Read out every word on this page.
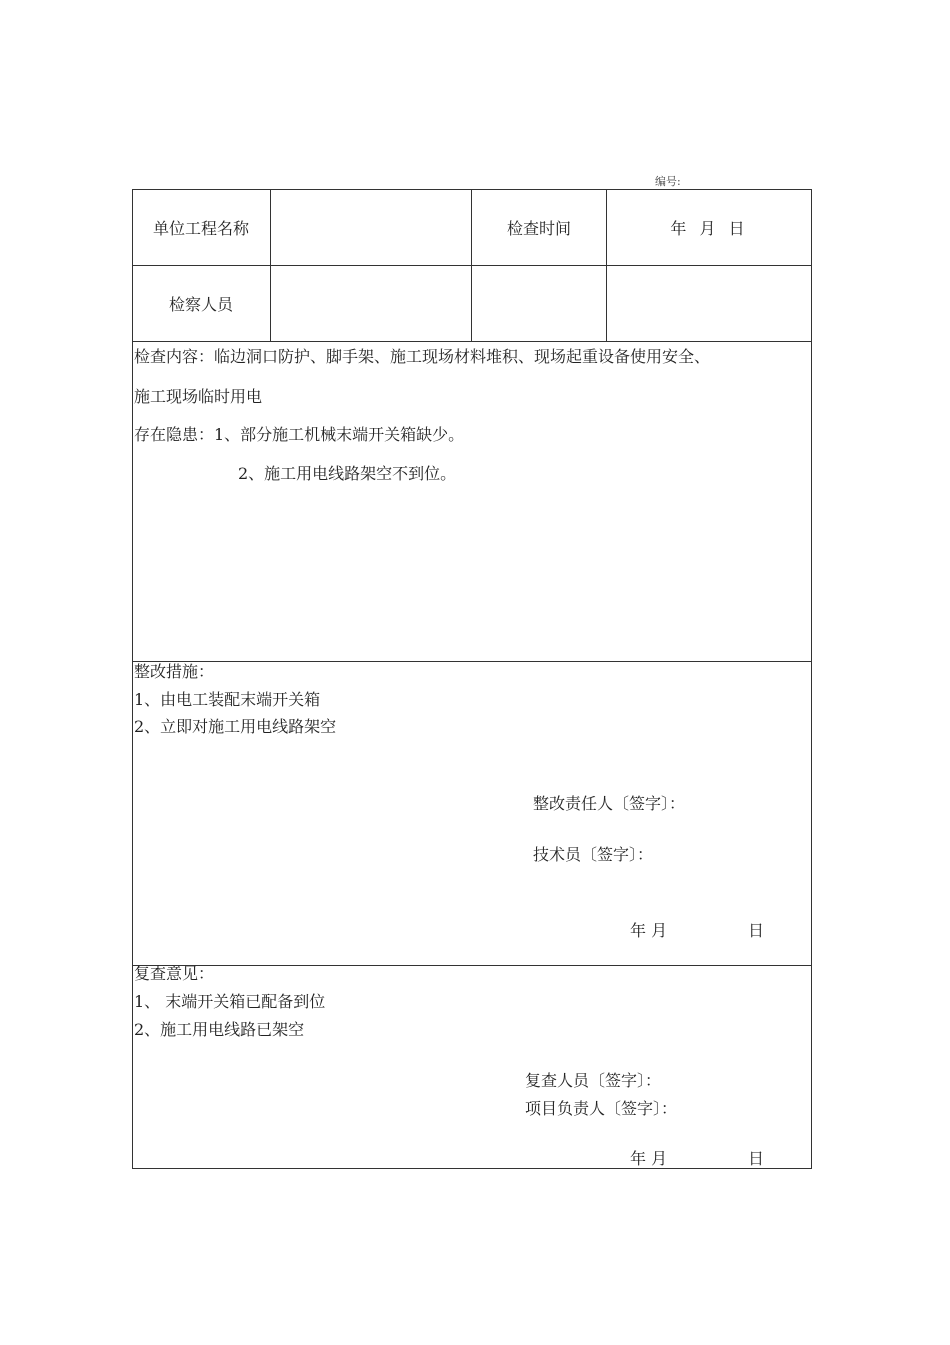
编号:
单位工程名称	检查时间	年 月 日
检察人员
检查内容：临边洞口防护、脚手架、施工现场材料堆积、现场起重设备使用安全、
施工现场临时用电
存在隐患：1、部分施工机械末端开关箱缺少。
2、施工用电线路架空不到位。
整改措施：
1、由电工装配末端开关箱
2、立即对施工用电线路架空
整改责任人〔签字〕：
技术员〔签字〕：
年 月	日
复查意见：
1、 末端开关箱已配备到位
2、施工用电线路已架空
复查人员〔签字〕：
项目负责人〔签字〕：
年 月	日
